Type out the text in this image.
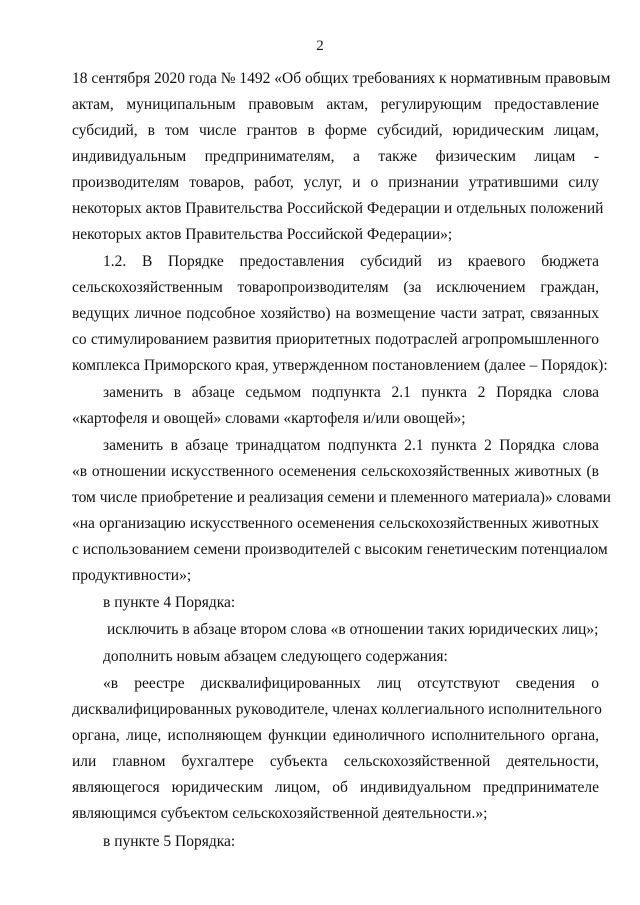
2
18 сентября 2020 года № 1492 «Об общих требованиях к нормативным правовым
актам, муниципальным правовым актам, регулирующим предоставление
субсидий, в том числе грантов в форме субсидий, юридическим лицам,
индивидуальным предпринимателям, а также физическим лицам -
производителям товаров, работ, услуг, и о признании утратившими силу
некоторых актов Правительства Российской Федерации и отдельных положений
некоторых актов Правительства Российской Федерации»;
1.2. В Порядке предоставления субсидий из краевого бюджета
сельскохозяйственным товаропроизводителям (за исключением граждан,
ведущих личное подсобное хозяйство) на возмещение части затрат, связанных
со стимулированием развития приоритетных подотраслей агропромышленного
комплекса Приморского края, утвержденном постановлением (далее – Порядок):
заменить в абзаце седьмом подпункта 2.1 пункта 2 Порядка слова
«картофеля и овощей» словами «картофеля и/или овощей»;
заменить в абзаце тринадцатом подпункта 2.1 пункта 2 Порядка слова
«в отношении искусственного осеменения сельскохозяйственных животных (в
том числе приобретение и реализация семени и племенного материала)» словами
«на организацию искусственного осеменения сельскохозяйственных животных
с использованием семени производителей с высоким генетическим потенциалом
продуктивности»;
в пункте 4 Порядка:
исключить в абзаце втором слова «в отношении таких юридических лиц»;
дополнить новым абзацем следующего содержания:
«в реестре дисквалифицированных лиц отсутствуют сведения о
дисквалифицированных руководителе, членах коллегиального исполнительного
органа, лице, исполняющем функции единоличного исполнительного органа,
или главном бухгалтере субъекта сельскохозяйственной деятельности,
являющегося юридическим лицом, об индивидуальном предпринимателе
являющимся субъектом сельскохозяйственной деятельности.»;
в пункте 5 Порядка:
